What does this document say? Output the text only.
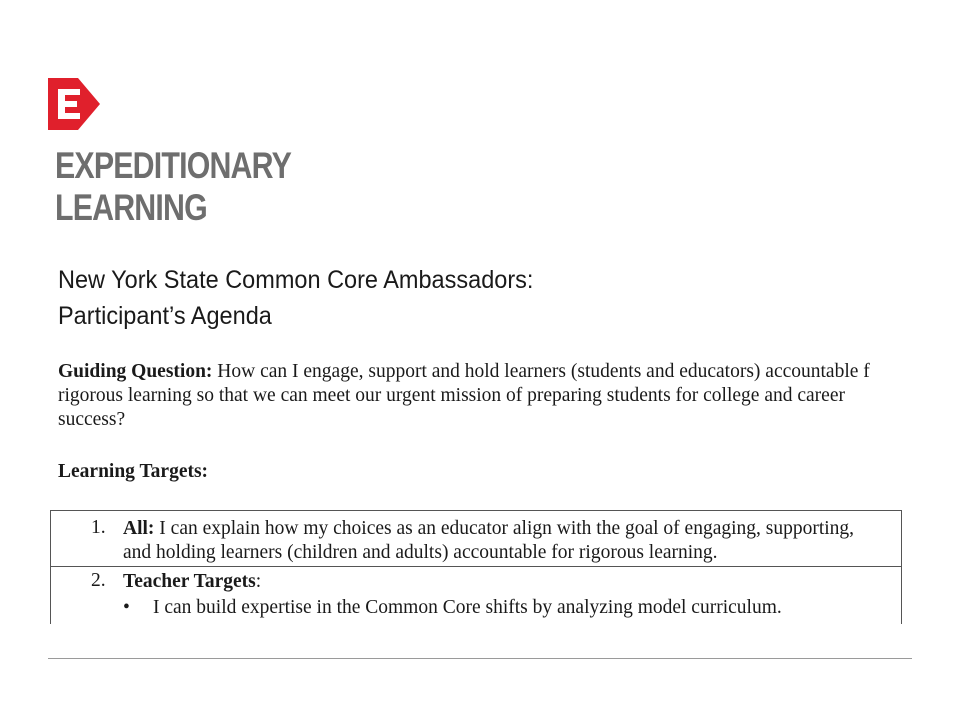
EXPEDITIONARY
LEARNING
New York State Common Core Ambassadors:
Participant’s Agenda

Guiding Question: How can I engage, support and hold learners (students and educators) accountable f
rigorous learning so that we can meet our urgent mission of preparing students for college and career
success?

Learning Targets:

1. All: I can explain how my choices as an educator align with the goal of engaging, supporting,
and holding learners (children and adults) accountable for rigorous learning.
2. Teacher Targets:
• I can build expertise in the Common Core shifts by analyzing model curriculum.
